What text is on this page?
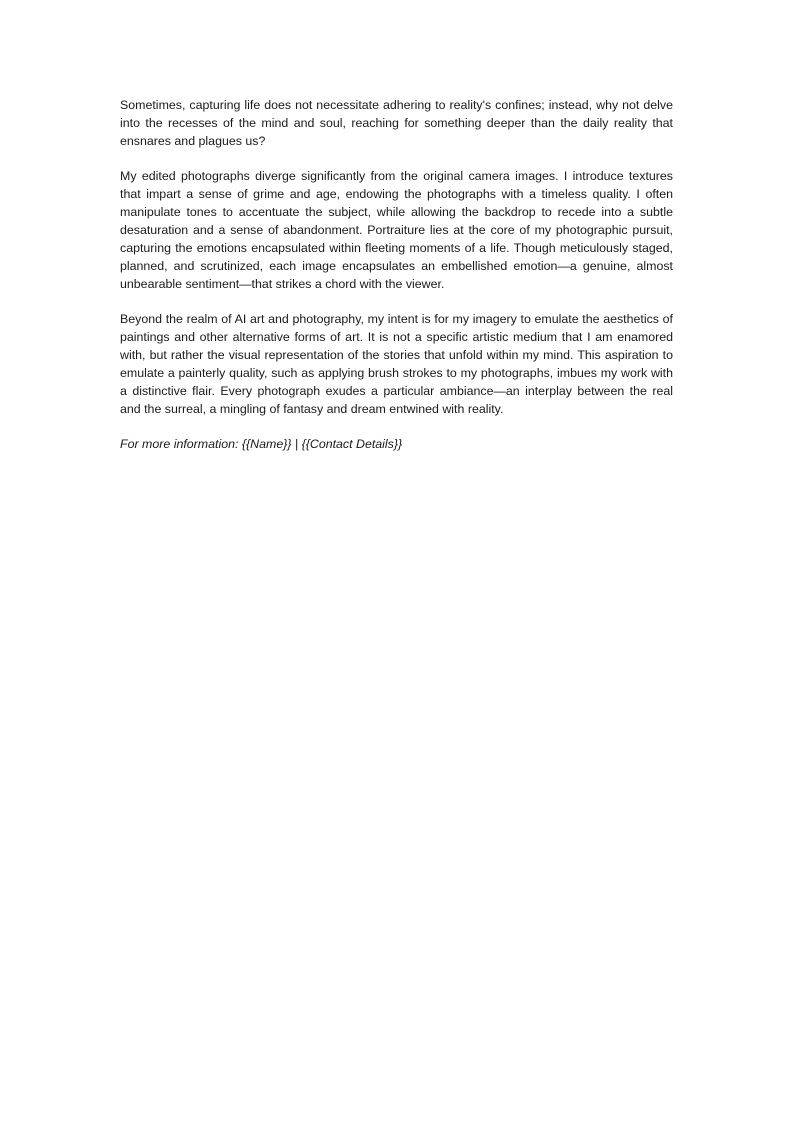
Sometimes, capturing life does not necessitate adhering to reality's confines; instead, why not delve into the recesses of the mind and soul, reaching for something deeper than the daily reality that ensnares and plagues us?

My edited photographs diverge significantly from the original camera images. I introduce textures that impart a sense of grime and age, endowing the photographs with a timeless quality. I often manipulate tones to accentuate the subject, while allowing the backdrop to recede into a subtle desaturation and a sense of abandonment. Portraiture lies at the core of my photographic pursuit, capturing the emotions encapsulated within fleeting moments of a life. Though meticulously staged, planned, and scrutinized, each image encapsulates an embellished emotion—a genuine, almost unbearable sentiment—that strikes a chord with the viewer.

Beyond the realm of AI art and photography, my intent is for my imagery to emulate the aesthetics of paintings and other alternative forms of art. It is not a specific artistic medium that I am enamored with, but rather the visual representation of the stories that unfold within my mind. This aspiration to emulate a painterly quality, such as applying brush strokes to my photographs, imbues my work with a distinctive flair. Every photograph exudes a particular ambiance—an interplay between the real and the surreal, a mingling of fantasy and dream entwined with reality.

For more information: {{Name}} | {{Contact Details}}
